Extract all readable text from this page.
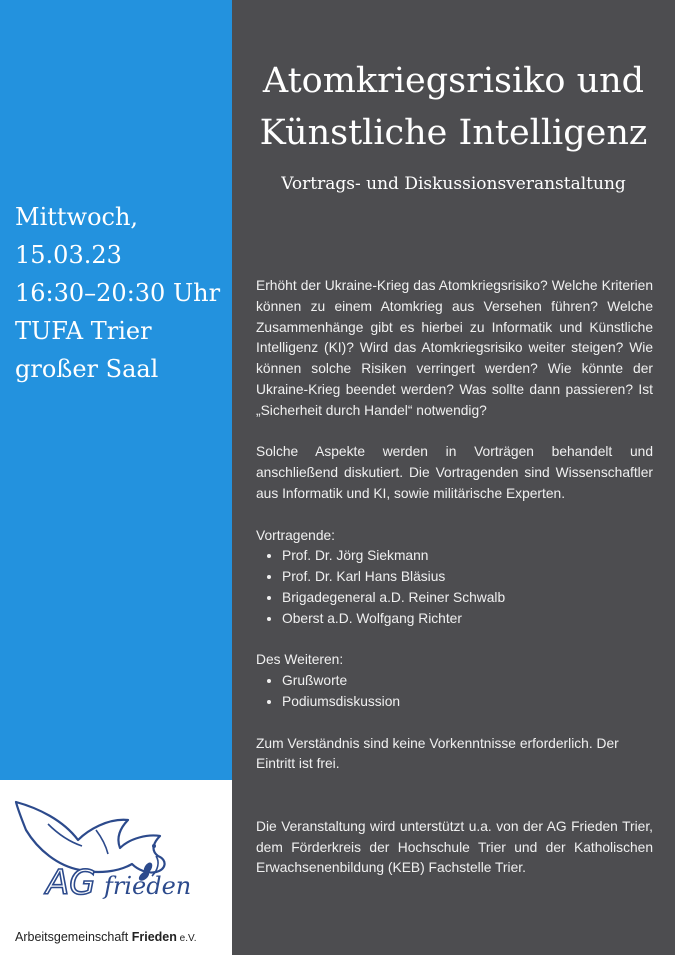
Mittwoch,
15.03.23
16:30–20:30 Uhr
TUFA Trier
großer Saal
AG frieden
Arbeitsgemeinschaft Frieden e.V.
Atomkriegsrisiko und
Künstliche Intelligenz
Vortrags- und Diskussionsveranstaltung

Erhöht der Ukraine-Krieg das Atomkriegsrisiko? Welche Kriterien können zu einem Atomkrieg aus Versehen führen? Welche Zusammenhänge gibt es hierbei zu Informatik und Künstliche Intelligenz (KI)? Wird das Atomkriegsrisiko weiter steigen? Wie können solche Risiken verringert werden? Wie könnte der Ukraine-Krieg beendet werden? Was sollte dann passieren? Ist „Sicherheit durch Handel“ notwendig?

Solche Aspekte werden in Vorträgen behandelt und anschließend diskutiert. Die Vortragenden sind Wissenschaftler aus Informatik und KI, sowie militärische Experten.

Vortragende:
• Prof. Dr. Jörg Siekmann
• Prof. Dr. Karl Hans Bläsius
• Brigadegeneral a.D. Reiner Schwalb
• Oberst a.D. Wolfgang Richter
Des Weiteren:
• Grußworte
• Podiumsdiskussion

Zum Verständnis sind keine Vorkenntnisse erforderlich. Der Eintritt ist frei.

Die Veranstaltung wird unterstützt u.a. von der AG Frieden Trier, dem Förderkreis der Hochschule Trier und der Katholischen Erwachsenenbildung (KEB) Fachstelle Trier.
